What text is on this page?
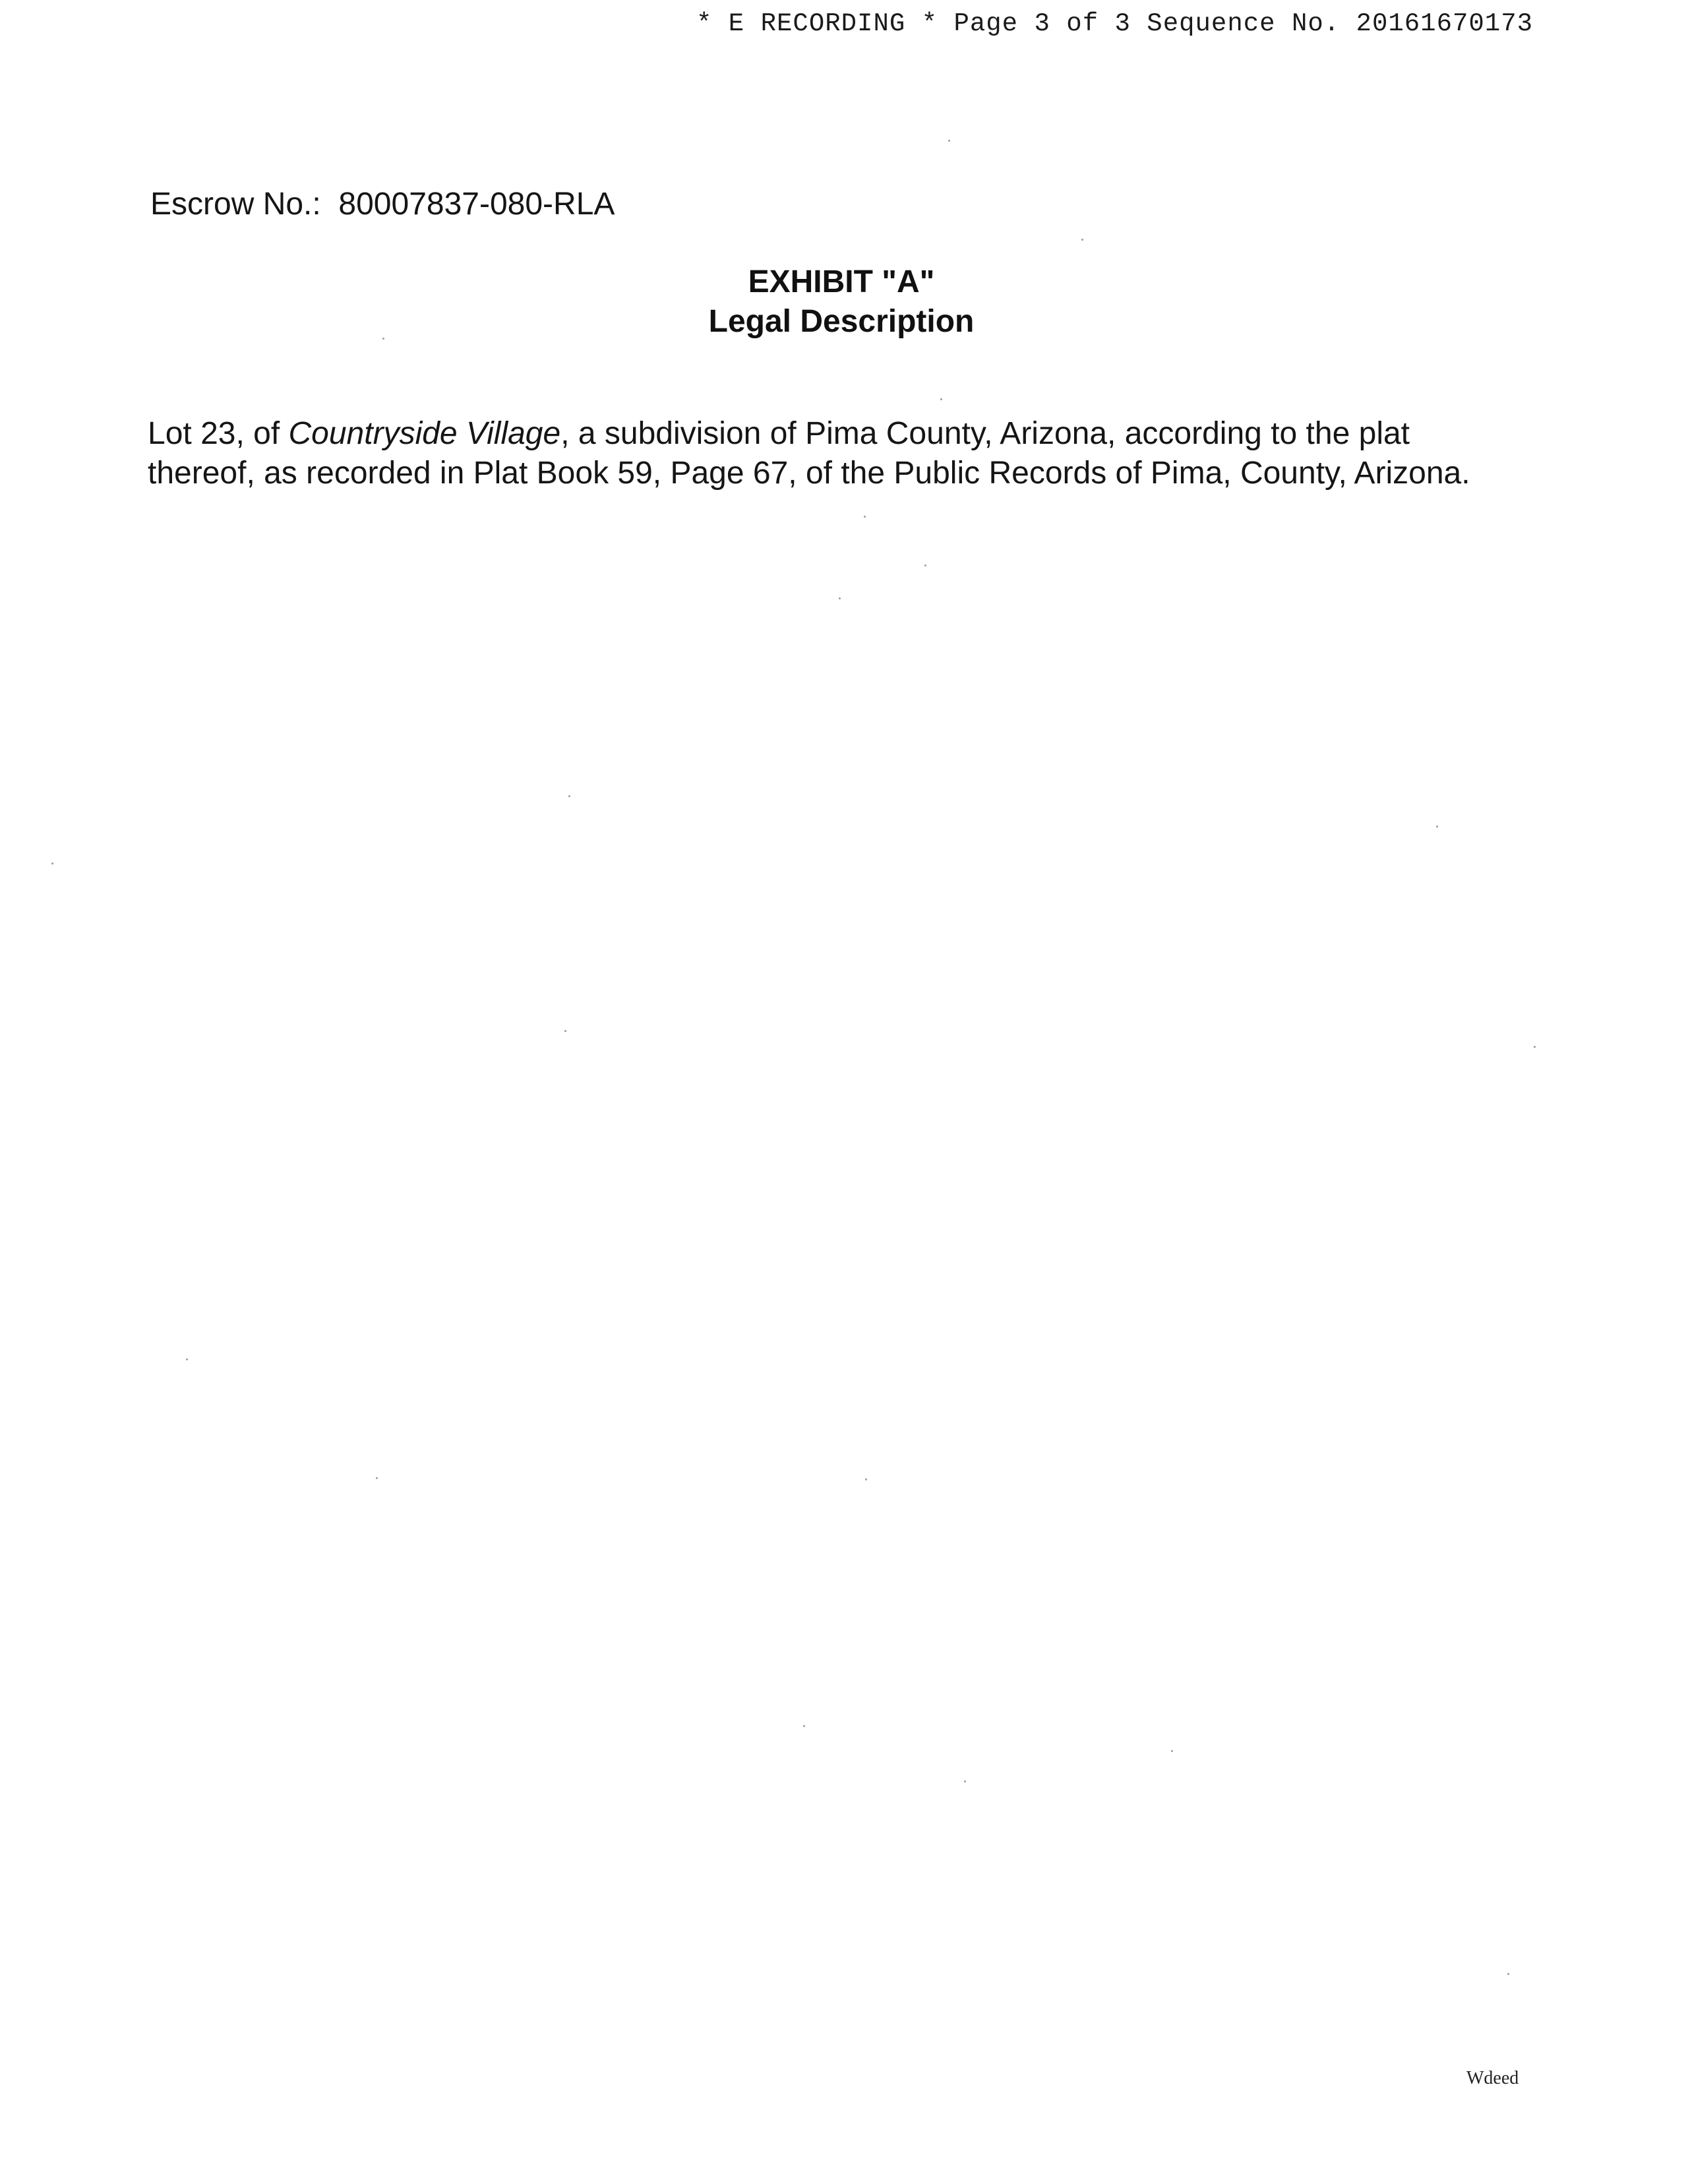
* E RECORDING * Page 3 of 3 Sequence No. 20161670173
Escrow No.: 80007837-080-RLA
EXHIBIT "A"
Legal Description
Lot 23, of Countryside Village, a subdivision of Pima County, Arizona, according to the plat
thereof, as recorded in Plat Book 59, Page 67, of the Public Records of Pima, County, Arizona.
Wdeed
